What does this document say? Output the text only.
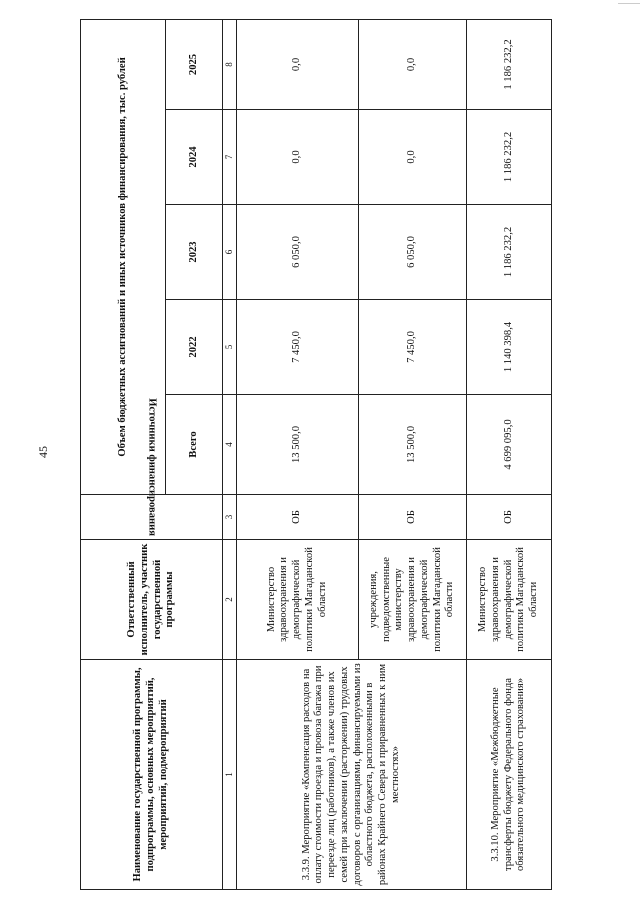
45
Наименование государственной программы, подпрограммы, основных мероприятий, мероприятий, подмероприятий	Ответственный исполнитель, участник государственной программы	Источники финансирования	Объем бюджетных ассигнований и иных источников финансирования, тыс. рублей				
			Всего	2022	2023	2024	2025
1	2	3	4	5	6	7	8
3.3.9. Мероприятие «Компенсация расходов на оплату стоимости проезда и провоза багажа при переезде лиц (работников), а также членов их семей при заключении (расторжении) трудовых договоров с организациями, финансируемыми из областного бюджета, расположенными в районах Крайнего Севера и приравненных к ним местностях»	Министерство здравоохранения и демографической политики Магаданской области	ОБ	13 500,0	7 450,0	6 050,0	0,0	0,0
	учреждения, подведомственные министерству здравоохранения и демографической политики Магаданской области	ОБ	13 500,0	7 450,0	6 050,0	0,0	0,0
3.3.10. Мероприятие «Межбюджетные трансферты бюджету Федерального фонда обязательного медицинского страхования»	Министерство здравоохранения и демографической политики Магаданской области	ОБ	4 699 095,0	1 140 398,4	1 186 232,2	1 186 232,2	1 186 232,2
